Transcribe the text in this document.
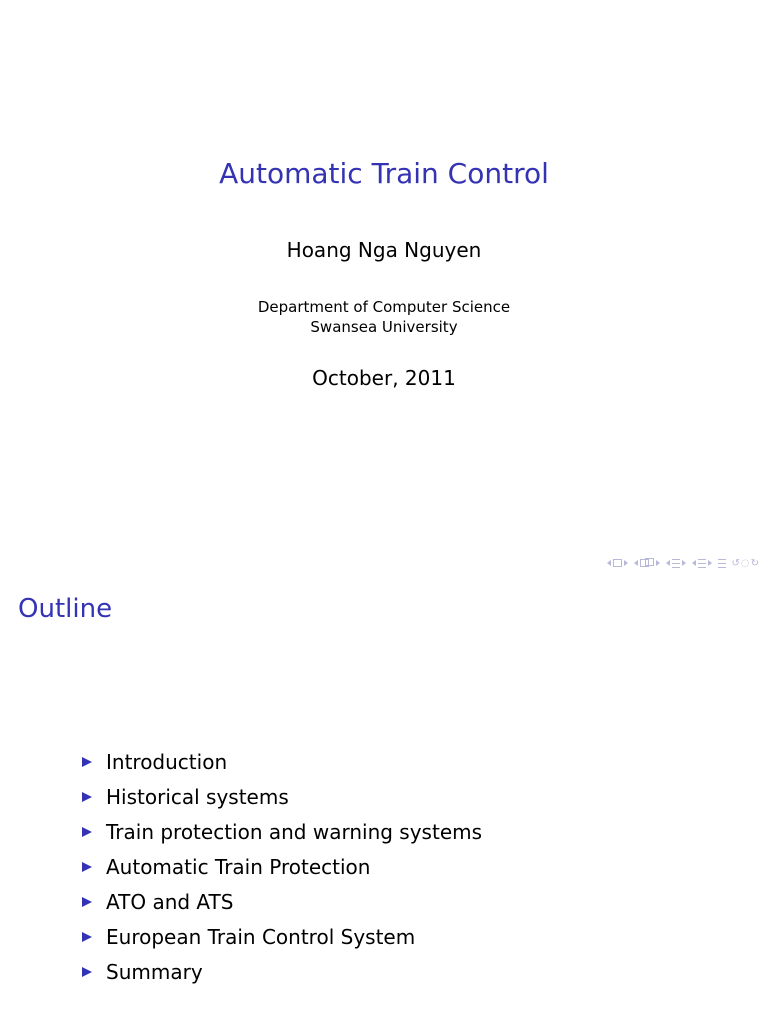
Automatic Train Control
Hoang Nga Nguyen
Department of Computer Science
Swansea University
October, 2011
↺◌↻
Outline
Introduction
Historical systems
Train protection and warning systems
Automatic Train Protection
ATO and ATS
European Train Control System
Summary
